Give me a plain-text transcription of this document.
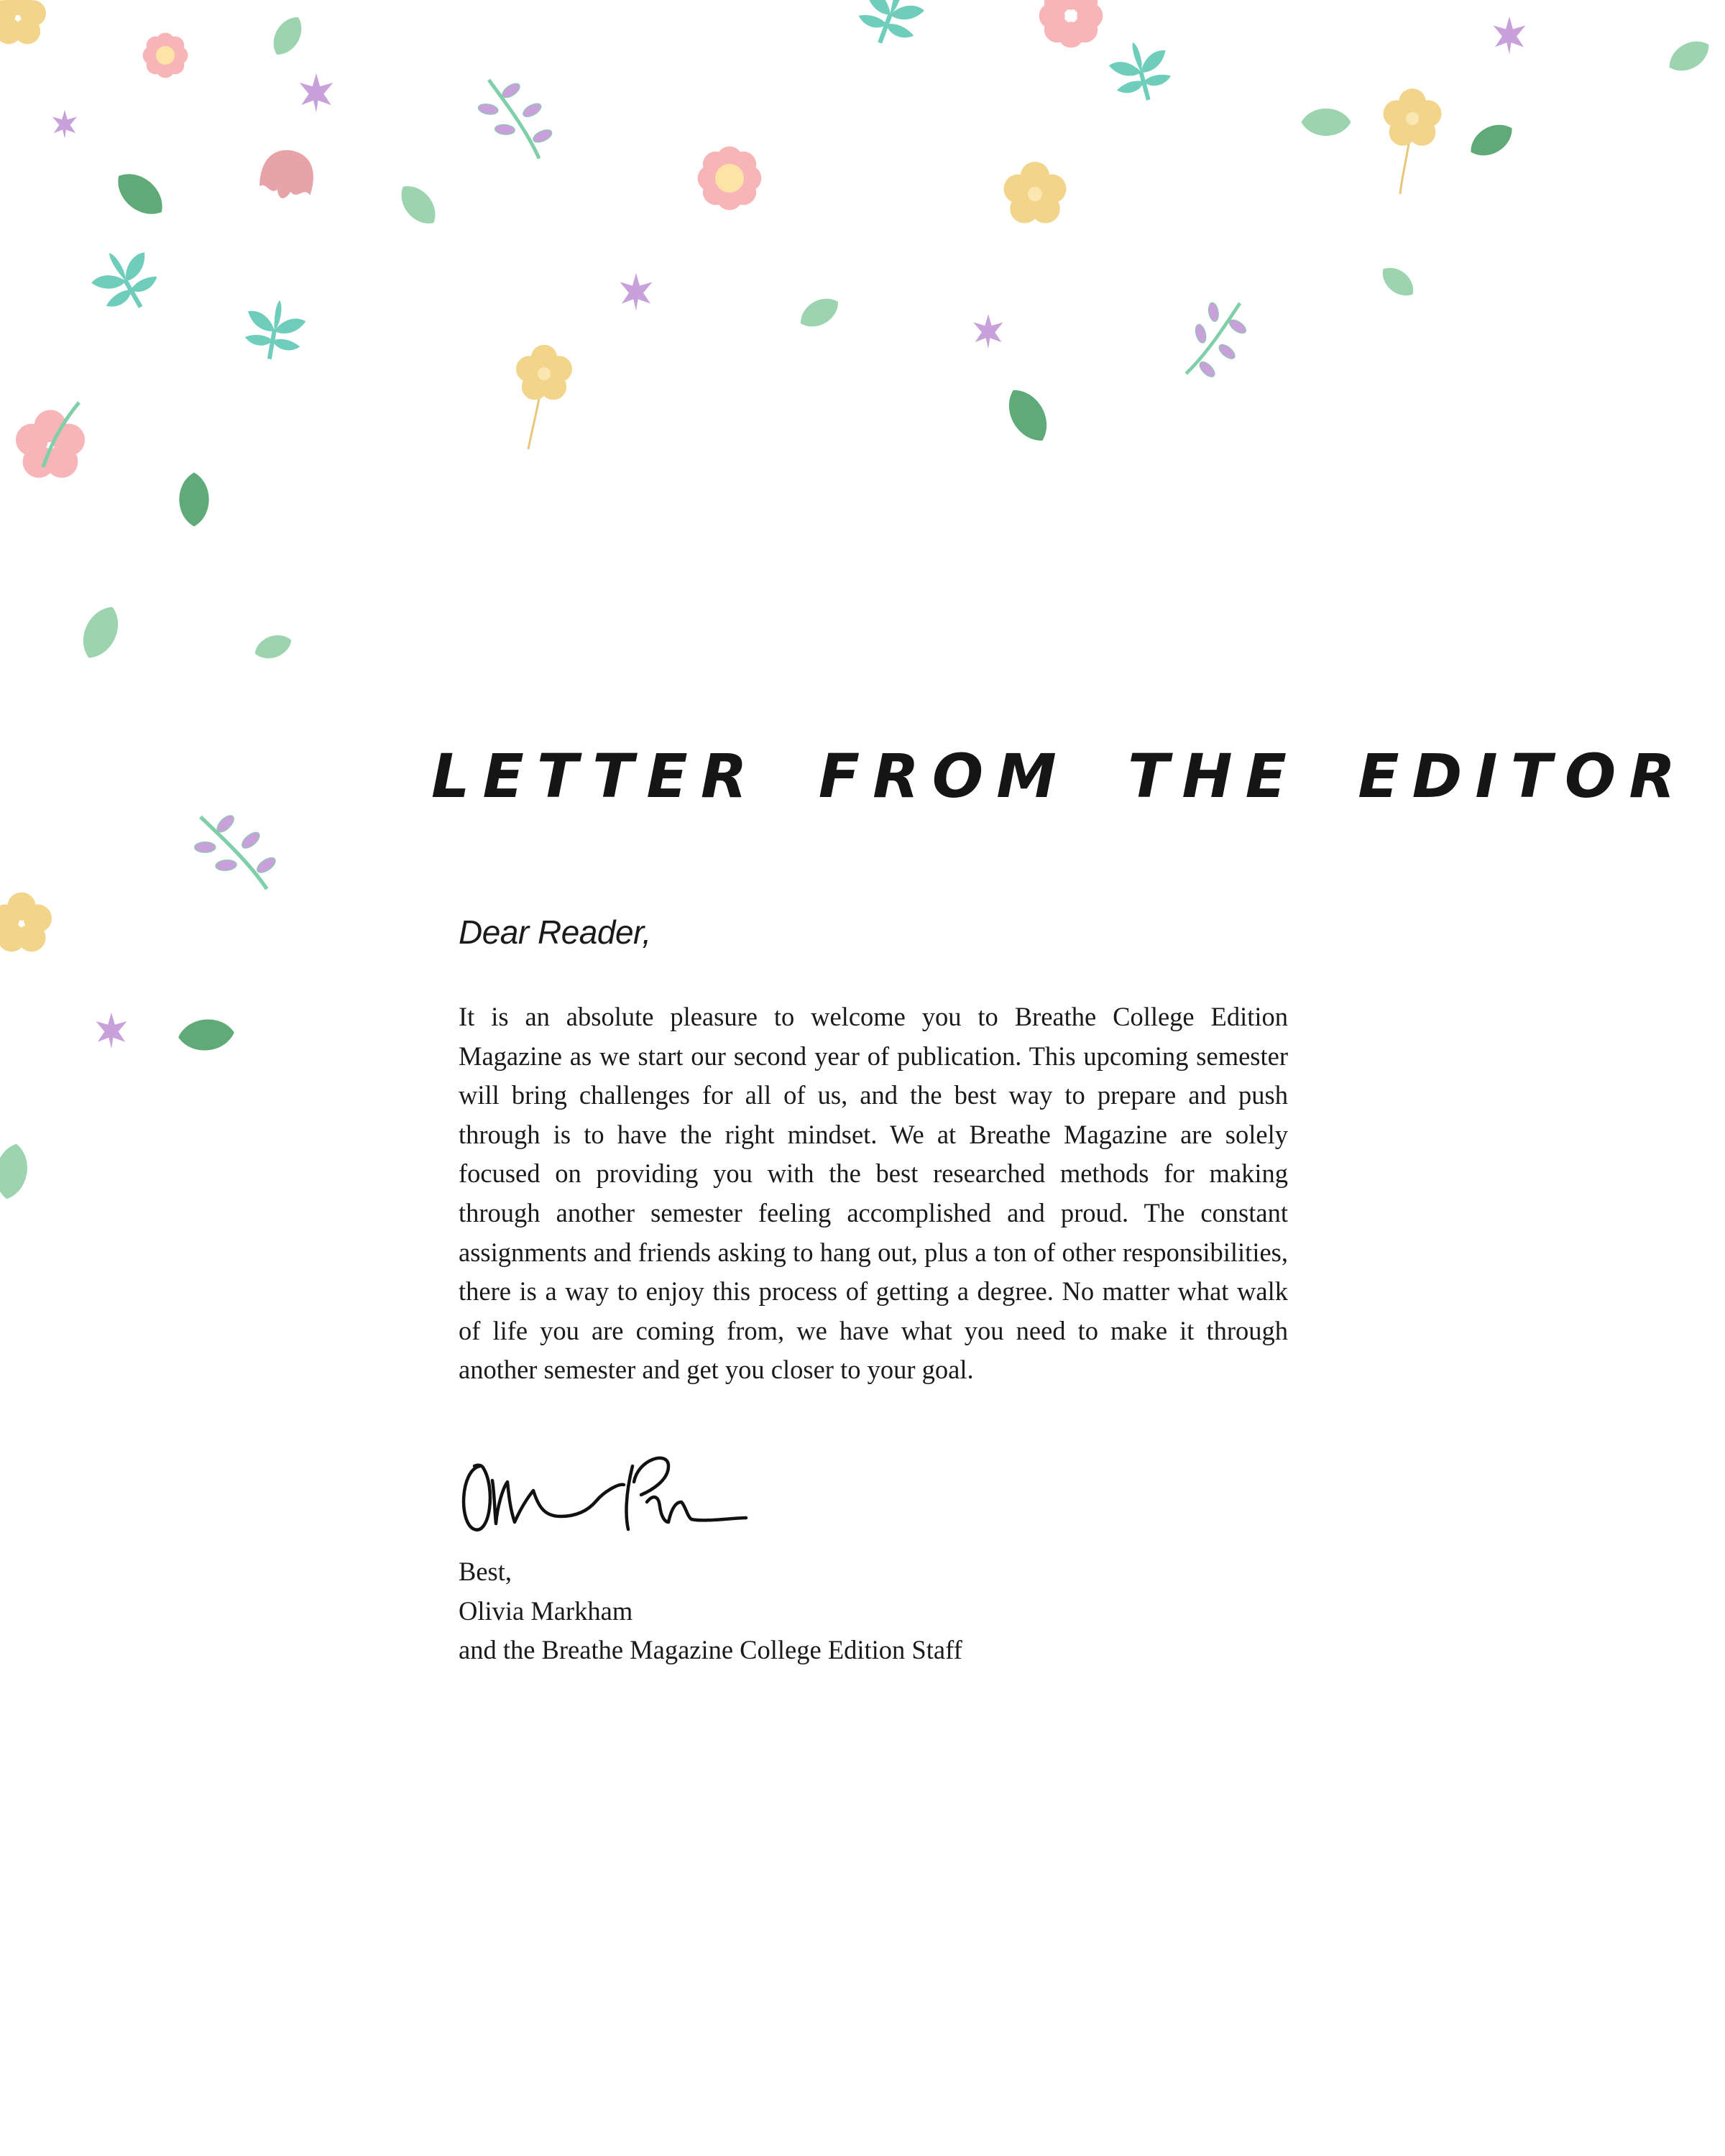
LETTER FROM THE EDITOR
Dear Reader,
It is an absolute pleasure to welcome you to Breathe College Edition Magazine as we start our second year of publication. This upcoming semester will bring challenges for all of us, and the best way to prepare and push through is to have the right mindset. We at Breathe Magazine are solely focused on providing you with the best researched methods for making through another semester feeling accomplished and proud. The constant assignments and friends asking to hang out, plus a ton of other responsibilities, there is a way to enjoy this process of getting a degree. No matter what walk of life you are coming from, we have what you need to make it through another semester and get you closer to your goal.
Best,
Olivia Markham
and the Breathe Magazine College Edition Staff
